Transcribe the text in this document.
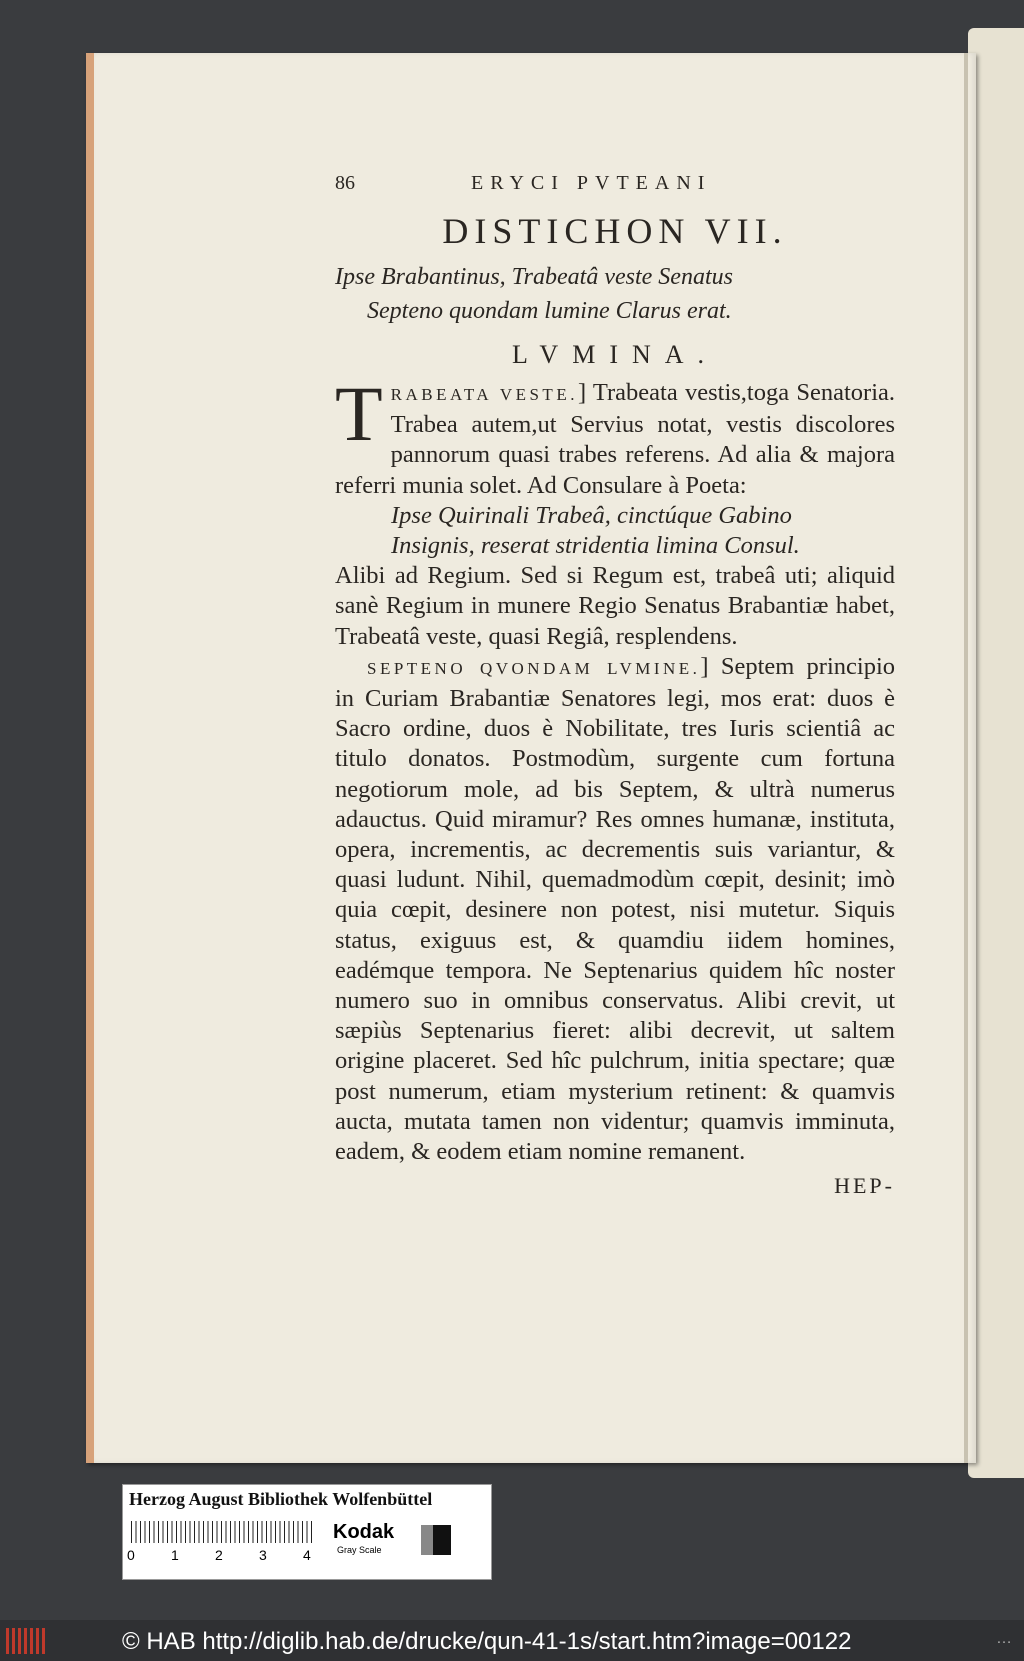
86	ERYCI PVTEANI
DISTICHON VII.
Ipse Brabantinus, Trabeatâ veste Senatus
Septeno quondam lumine Clarus erat.
LVMINA.

TRABEATA VESTE.] Trabeata vestis,toga Senatoria. Trabea autem,ut Servius notat, vestis discolores pannorum quasi trabes referens. Ad alia & majora referri munia solet. Ad Consulare à Poeta:

Ipse Quirinali Trabeâ, cinctúque Gabino
Insignis, reserat stridentia limina Consul.

Alibi ad Regium. Sed si Regum est, trabeâ uti; aliquid sanè Regium in munere Regio Senatus Brabantiæ habet, Trabeatâ veste, quasi Regiâ, resplendens.

SEPTENO QVONDAM LVMINE.] Septem principio in Curiam Brabantiæ Senatores legi, mos erat: duos è Sacro ordine, duos è Nobilitate, tres Iuris scientiâ ac titulo donatos. Postmodùm, surgente cum fortuna negotiorum mole, ad bis Septem, & ultrà numerus adauctus. Quid miramur? Res omnes humanæ, instituta, opera, incrementis, ac decrementis suis variantur, & quasi ludunt. Nihil, quemadmodùm cœpit, desinit; imò quia cœpit, desinere non potest, nisi mutetur. Siquis status, exiguus est, & quamdiu iidem homines, eadémque tempora. Ne Septenarius quidem hîc noster numero suo in omnibus conservatus. Alibi crevit, ut sæpiùs Septenarius fieret: alibi decrevit, ut saltem origine placeret. Sed hîc pulchrum, initia spectare; quæ post numerum, etiam mysterium retinent: & quamvis aucta, mutata tamen non videntur; quamvis imminuta, eadem, & eodem etiam nomine remanent.

HEP-
Herzog August Bibliothek Wolfenbüttel
0	1	2	3	4
Kodak
Gray Scale
© HAB http://diglib.hab.de/drucke/qun-41-1s/start.htm?image=00122	…
